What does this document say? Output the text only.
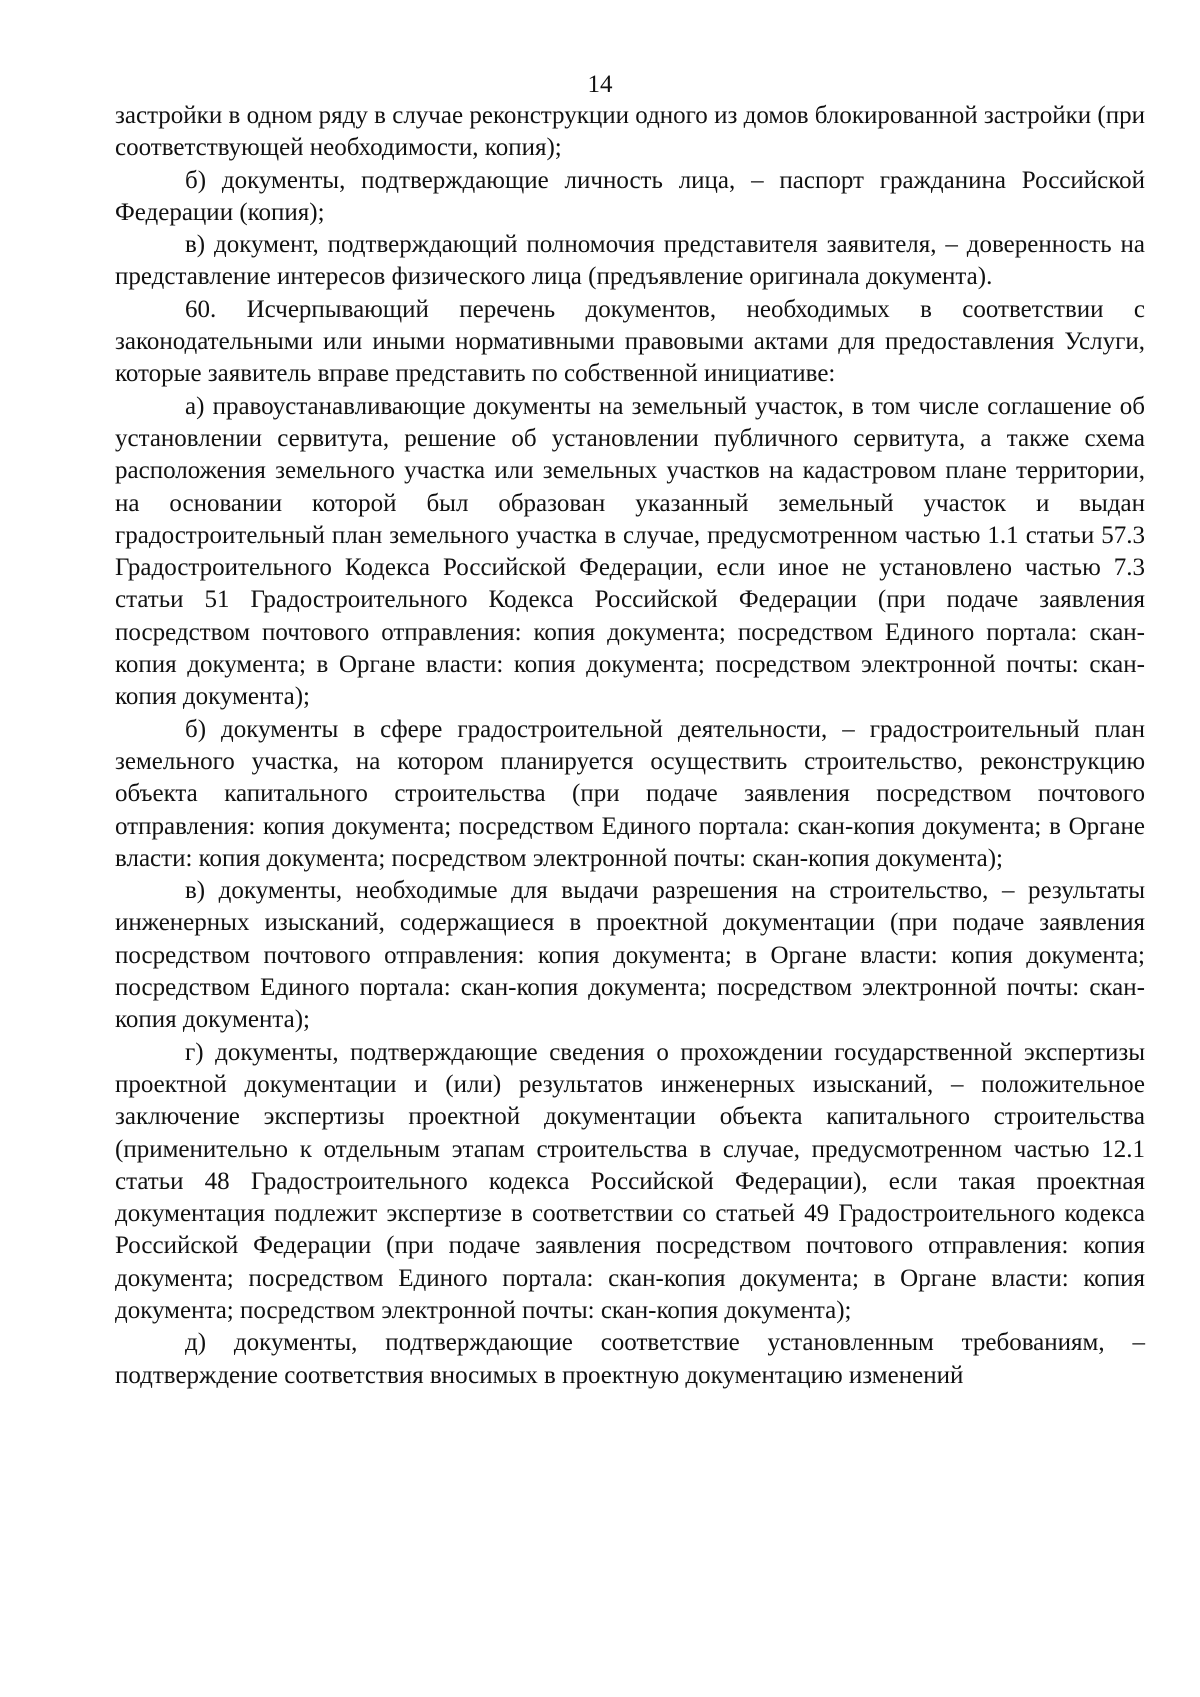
14

застройки в одном ряду в случае реконструкции одного из домов блокированной застройки (при соответствующей необходимости, копия);

б) документы, подтверждающие личность лица, – паспорт гражданина Российской Федерации (копия);

в) документ, подтверждающий полномочия представителя заявителя, – доверенность на представление интересов физического лица (предъявление оригинала документа).

60. Исчерпывающий перечень документов, необходимых в соответствии с законодательными или иными нормативными правовыми актами для предоставления Услуги, которые заявитель вправе представить по собственной инициативе:

а) правоустанавливающие документы на земельный участок, в том числе соглашение об установлении сервитута, решение об установлении публичного сервитута, а также схема расположения земельного участка или земельных участков на кадастровом плане территории, на основании которой был образован указанный земельный участок и выдан градостроительный план земельного участка в случае, предусмотренном частью 1.1 статьи 57.3 Градостроительного Кодекса Российской Федерации, если иное не установлено частью 7.3 статьи 51 Градостроительного Кодекса Российской Федерации (при подаче заявления посредством почтового отправления: копия документа; посредством Единого портала: скан-копия документа; в Органе власти: копия документа; посредством электронной почты: скан-копия документа);

б) документы в сфере градостроительной деятельности, – градостроительный план земельного участка, на котором планируется осуществить строительство, реконструкцию объекта капитального строительства (при подаче заявления посредством почтового отправления: копия документа; посредством Единого портала: скан-копия документа; в Органе власти: копия документа; посредством электронной почты: скан-копия документа);

в) документы, необходимые для выдачи разрешения на строительство, – результаты инженерных изысканий, содержащиеся в проектной документации (при подаче заявления посредством почтового отправления: копия документа; в Органе власти: копия документа; посредством Единого портала: скан-копия документа; посредством электронной почты: скан-копия документа);

г) документы, подтверждающие сведения о прохождении государственной экспертизы проектной документации и (или) результатов инженерных изысканий, – положительное заключение экспертизы проектной документации объекта капитального строительства (применительно к отдельным этапам строительства в случае, предусмотренном частью 12.1 статьи 48 Градостроительного кодекса Российской Федерации), если такая проектная документация подлежит экспертизе в соответствии со статьей 49 Градостроительного кодекса Российской Федерации (при подаче заявления посредством почтового отправления: копия документа; посредством Единого портала: скан-копия документа; в Органе власти: копия документа; посредством электронной почты: скан-копия документа);

д) документы, подтверждающие соответствие установленным требованиям, – подтверждение соответствия вносимых в проектную документацию изменений
